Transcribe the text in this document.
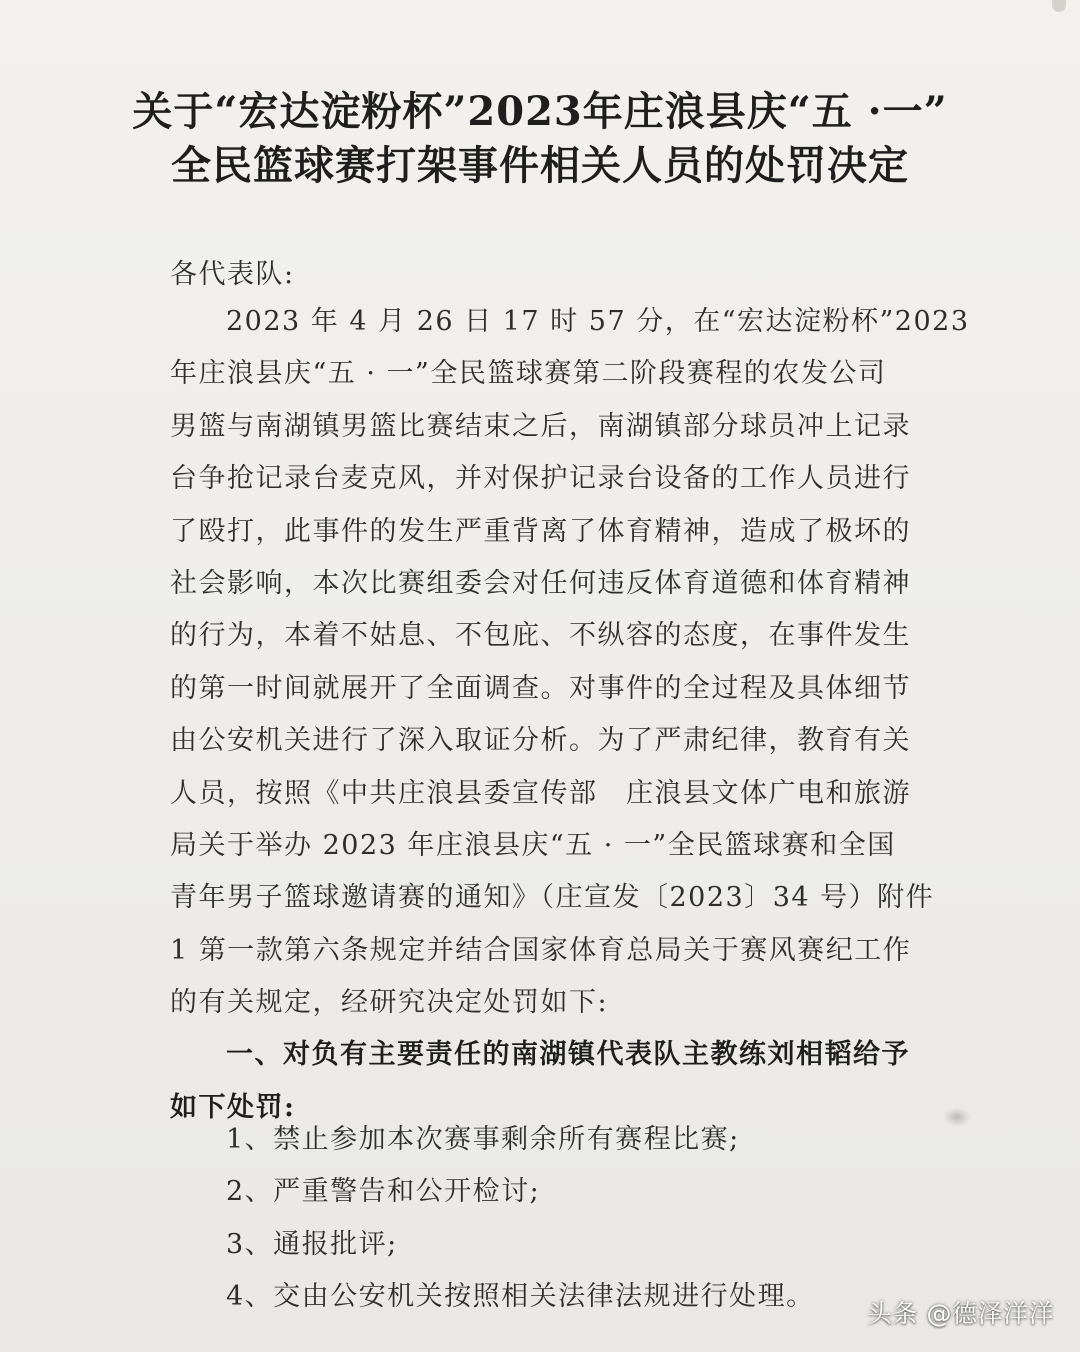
关于“宏达淀粉杯”2023年庄浪县庆“五 ·一”
全民篮球赛打架事件相关人员的处罚决定
各代表队:
2023 年 4 月 26 日 17 时 57 分，在“宏达淀粉杯”2023
年庄浪县庆“五 · 一”全民篮球赛第二阶段赛程的农发公司
男篮与南湖镇男篮比赛结束之后，南湖镇部分球员冲上记录
台争抢记录台麦克风，并对保护记录台设备的工作人员进行
了殴打，此事件的发生严重背离了体育精神，造成了极坏的
社会影响，本次比赛组委会对任何违反体育道德和体育精神
的行为，本着不姑息、不包庇、不纵容的态度，在事件发生
的第一时间就展开了全面调查。对事件的全过程及具体细节
由公安机关进行了深入取证分析。为了严肃纪律，教育有关
人员，按照《中共庄浪县委宣传部　庄浪县文体广电和旅游
局关于举办 2023 年庄浪县庆“五 · 一”全民篮球赛和全国
青年男子篮球邀请赛的通知》（庄宣发〔2023〕34 号）附件
1 第一款第六条规定并结合国家体育总局关于赛风赛纪工作
的有关规定，经研究决定处罚如下:
一、对负有主要责任的南湖镇代表队主教练刘相韬给予
如下处罚:
1、禁止参加本次赛事剩余所有赛程比赛;
2、严重警告和公开检讨;
3、通报批评;
4、交由公安机关按照相关法律法规进行处理。
头条 @德泽洋洋
